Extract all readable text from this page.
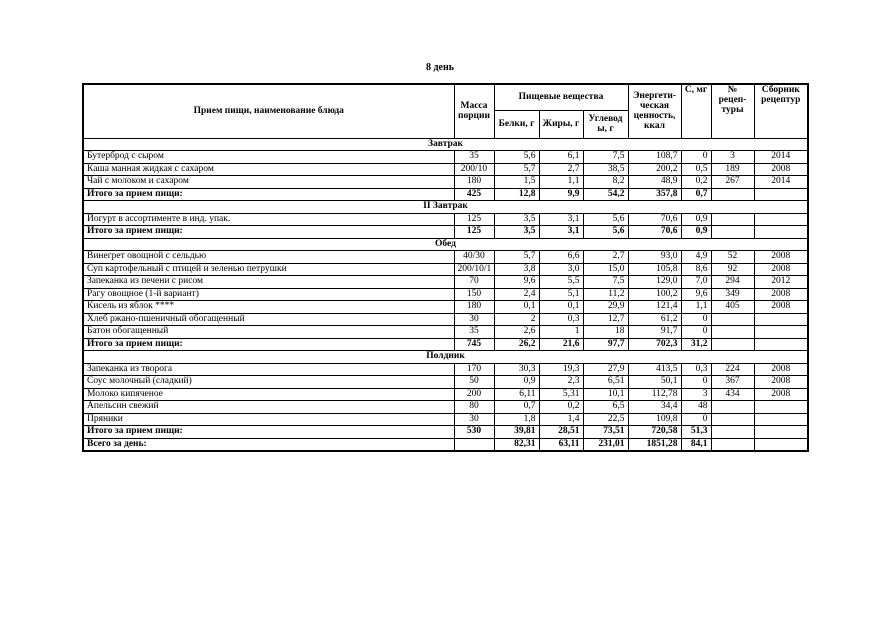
8 день
Прием пищи, наименование блюда	Масса порции	Пищевые вещества			Энергети-ческая ценность, ккал	С, мг	№ рецеп-туры	Сборник рецептур
		Белки, г	Жиры, г	Углевод ы, г				
Завтрак								
Бутерброд с сыром	35	5,6	6,1	7,5	108,7	0	3	2014
Каша манная жидкая с сахаром	200/10	5,7	2,7	38,5	200,2	0,5	189	2008
Чай с молоком и сахаром	180	1,5	1,1	8,2	48,9	0,2	267	2014
Итого за прием пищи:	425	12,8	9,9	54,2	357,8	0,7		
II Завтрак								
Йогурт в ассортименте в инд. упак.	125	3,5	3,1	5,6	70,6	0,9		
Итого за прием пищи:	125	3,5	3,1	5,6	70,6	0,9		
Обед								
Винегрет овощной с сельдью	40/30	5,7	6,6	2,7	93,0	4,9	52	2008
Суп картофельный с птицей и зеленью петрушки	200/10/1	3,8	3,0	15,0	105,8	8,6	92	2008
Запеканка из печени с рисом	70	9,6	5,5	7,5	129,0	7,0	294	2012
Рагу овощное (1-й вариант)	150	2,4	5,1	11,2	100,2	9,6	349	2008
Кисель из яблок ****	180	0,1	0,1	29,9	121,4	1,1	405	2008
Хлеб ржано-пшеничный обогащенный	30	2	0,3	12,7	61,2	0		
Батон обогащенный	35	2,6	1	18	91,7	0		
Итого за прием пищи:	745	26,2	21,6	97,7	702,3	31,2		
Полдник								
Запеканка из творога	170	30,3	19,3	27,9	413,5	0,3	224	2008
Соус молочный (сладкий)	50	0,9	2,3	6,51	50,1	0	367	2008
Молоко кипяченое	200	6,11	5,31	10,1	112,78	3	434	2008
Апельсин свежий	80	0,7	0,2	6,5	34,4	48		
Пряники	30	1,8	1,4	22,5	109,8	0		
Итого за прием пищи:	530	39,81	28,51	73,51	720,58	51,3		
Всего за день:		82,31	63,11	231,01	1851,28	84,1		
